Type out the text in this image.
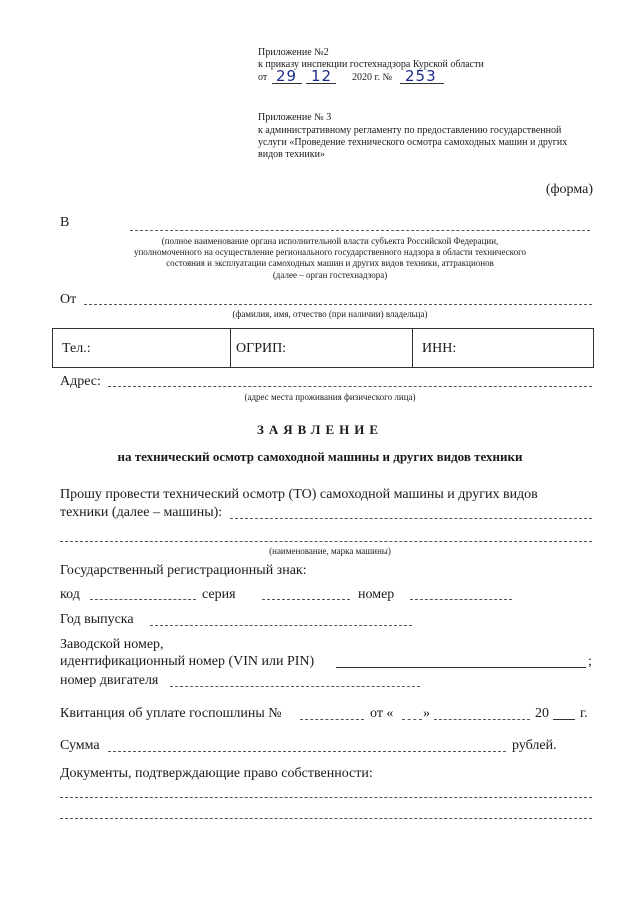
Приложение №2
к приказу инспекции гостехнадзора Курской области
от 29 12 2020 г. № 253
Приложение № 3
к административному регламенту по предоставлению государственной
услуги «Проведение технического осмотра самоходных машин и других
видов техники»
(форма)
В
(полное наименование органа исполнительной власти субъекта Российской Федерации,
уполномоченного на осуществление регионального государственного надзора в области технического
состояния и эксплуатации самоходных машин и других видов техники, аттракционов
(далее – орган гостехнадзора)
От
(фамилия, имя, отчество (при наличии) владельца)
Тел.:	ОГРИП:	ИНН:
Адрес:
(адрес места проживания физического лица)
ЗАЯВЛЕНИЕ
на технический осмотр самоходной машины и других видов техники
Прошу провести технический осмотр (ТО) самоходной машины и других видов
техники (далее – машины):
(наименование, марка машины)
Государственный регистрационный знак:
код	серия	номер
Год выпуска
Заводской номер,
идентификационный номер (VIN или PIN)	;
номер двигателя
Квитанция об уплате госпошлины №	от « »	20 г.
Сумма	рублей.
Документы, подтверждающие право собственности:
